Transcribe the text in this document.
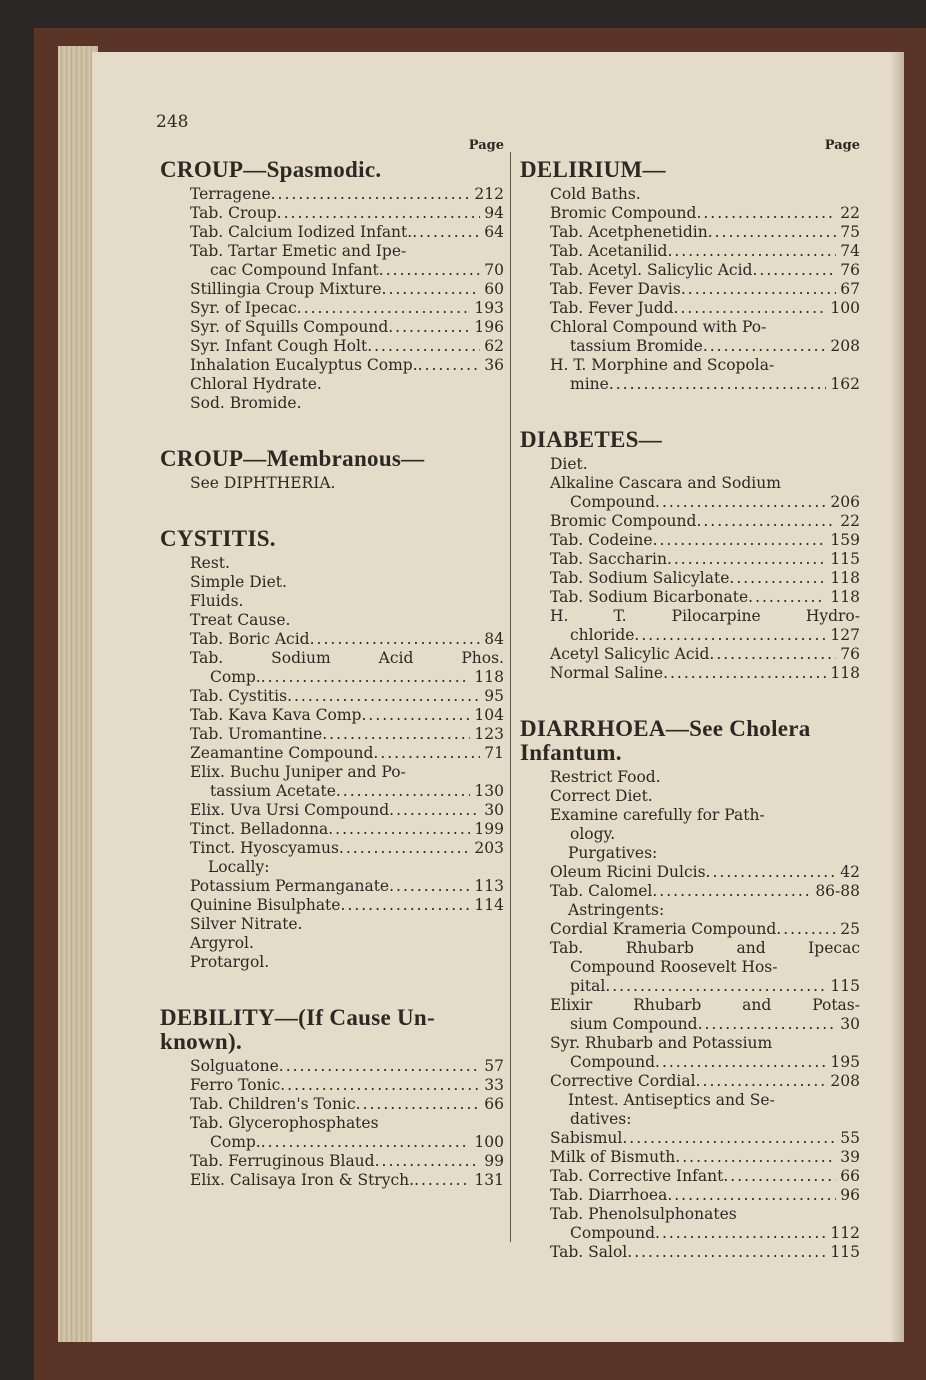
248
Page
CROUP—Spasmodic.
Terragene .....	212
Tab. Croup .....	94
Tab. Calcium Iodized Infant. .....	64
Tab. Tartar Emetic and Ipe-
cac Compound Infant .....	70
Stillingia Croup Mixture .....	60
Syr. of Ipecac .....	193
Syr. of Squills Compound .....	196
Syr. Infant Cough Holt .....	62
Inhalation Eucalyptus Comp. .....	36
Chloral Hydrate.
Sod. Bromide.
CROUP—Membranous—
See DIPHTHERIA.
CYSTITIS.
Rest.
Simple Diet.
Fluids.
Treat Cause.
Tab. Boric Acid .....	84
Tab. Sodium Acid Phos.
Comp. .....	118
Tab. Cystitis .....	95
Tab. Kava Kava Comp .....	104
Tab. Uromantine .....	123
Zeamantine Compound .....	71
Elix. Buchu Juniper and Po-
tassium Acetate .....	130
Elix. Uva Ursi Compound .....	30
Tinct. Belladonna .....	199
Tinct. Hyoscyamus .....	203
Locally:
Potassium Permanganate .....	113
Quinine Bisulphate .....	114
Silver Nitrate.
Argyrol.
Protargol.
DEBILITY—(If Cause Un-known).
Solguatone .....	57
Ferro Tonic .....	33
Tab. Children's Tonic .....	66
Tab. Glycerophosphates
Comp. .....	100
Tab. Ferruginous Blaud .....	99
Elix. Calisaya Iron & Strych. .....	131
Page
DELIRIUM—
Cold Baths.
Bromic Compound .....	22
Tab. Acetphenetidin .....	75
Tab. Acetanilid .....	74
Tab. Acetyl. Salicylic Acid .....	76
Tab. Fever Davis .....	67
Tab. Fever Judd .....	100
Chloral Compound with Po-
tassium Bromide .....	208
H. T. Morphine and Scopola-
mine .....	162
DIABETES—
Diet.
Alkaline Cascara and Sodium
Compound .....	206
Bromic Compound .....	22
Tab. Codeine .....	159
Tab. Saccharin .....	115
Tab. Sodium Salicylate .....	118
Tab. Sodium Bicarbonate .....	118
H. T. Pilocarpine Hydro-
chloride .....	127
Acetyl Salicylic Acid .....	76
Normal Saline .....	118
DIARRHOEA—See Cholera Infantum.
Restrict Food.
Correct Diet.
Examine carefully for Path-
ology.
Purgatives:
Oleum Ricini Dulcis .....	42
Tab. Calomel .....	86-88
Astringents:
Cordial Krameria Compound .....	25
Tab. Rhubarb and Ipecac
Compound Roosevelt Hos-
pital .....	115
Elixir Rhubarb and Potas-
sium Compound .....	30
Syr. Rhubarb and Potassium
Compound .....	195
Corrective Cordial .....	208
Intest. Antiseptics and Se-
datives:
Sabismul .....	55
Milk of Bismuth .....	39
Tab. Corrective Infant .....	66
Tab. Diarrhoea .....	96
Tab. Phenolsulphonates
Compound .....	112
Tab. Salol .....	115
